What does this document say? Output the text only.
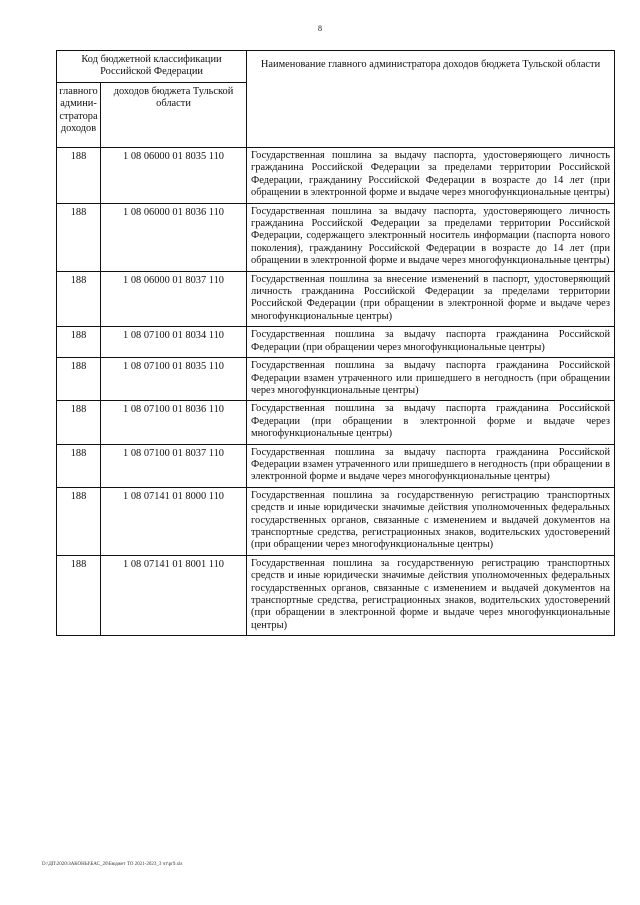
8
Код бюджетной классификации Российской Федерации		Наименование главного администратора доходов бюджета Тульской области
главного админи-стратора доходов	доходов бюджета Тульской области	
188	1 08 06000 01 8035 110	Государственная пошлина за выдачу паспорта, удостоверяющего личность гражданина Российской Федерации за пределами территории Российской Федерации, гражданину Российской Федерации в возрасте до 14 лет (при обращении в электронной форме и выдаче через многофункциональные центры)
188	1 08 06000 01 8036 110	Государственная пошлина за выдачу паспорта, удостоверяющего личность гражданина Российской Федерации за пределами территории Российской Федерации, содержащего электронный носитель информации (паспорта нового поколения), гражданину Российской Федерации в возрасте до 14 лет (при обращении в электронной форме и выдаче через многофункциональные центры)
188	1 08 06000 01 8037 110	Государственная пошлина за внесение изменений в паспорт, удостоверяющий личность гражданина Российской Федерации за пределами территории Российской Федерации (при обращении в электронной форме и выдаче через многофункциональные центры)
188	1 08 07100 01 8034 110	Государственная пошлина за выдачу паспорта гражданина Российской Федерации (при обращении через многофункциональные центры)
188	1 08 07100 01 8035 110	Государственная пошлина за выдачу паспорта гражданина Российской Федерации взамен утраченного или пришедшего в негодность (при обращении через многофункциональные центры)
188	1 08 07100 01 8036 110	Государственная пошлина за выдачу паспорта гражданина Российской Федерации (при обращении в электронной форме и выдаче через многофункциональные центры)
188	1 08 07100 01 8037 110	Государственная пошлина за выдачу паспорта гражданина Российской Федерации взамен утраченного или пришедшего в негодность (при обращении в электронной форме и выдаче через многофункциональные центры)
188	1 08 07141 01 8000 110	Государственная пошлина за государственную регистрацию транспортных средств и иные юридически значимые действия уполномоченных федеральных государственных органов, связанные с изменением и выдачей документов на транспортные средства, регистрационных знаков, водительских удостоверений (при обращении через многофункциональные центры)
188	1 08 07141 01 8001 110	Государственная пошлина за государственную регистрацию транспортных средств и иные юридически значимые действия уполномоченных федеральных государственных органов, связанные с изменением и выдачей документов на транспортные средства, регистрационных знаков, водительских удостоверений (при обращении в электронной форме и выдаче через многофункциональные центры)
D:\ДП\2020\ЗАКОНЫ\БАС_20\Бюджет ТО 2021-2023_3 чт\pr9.xls
